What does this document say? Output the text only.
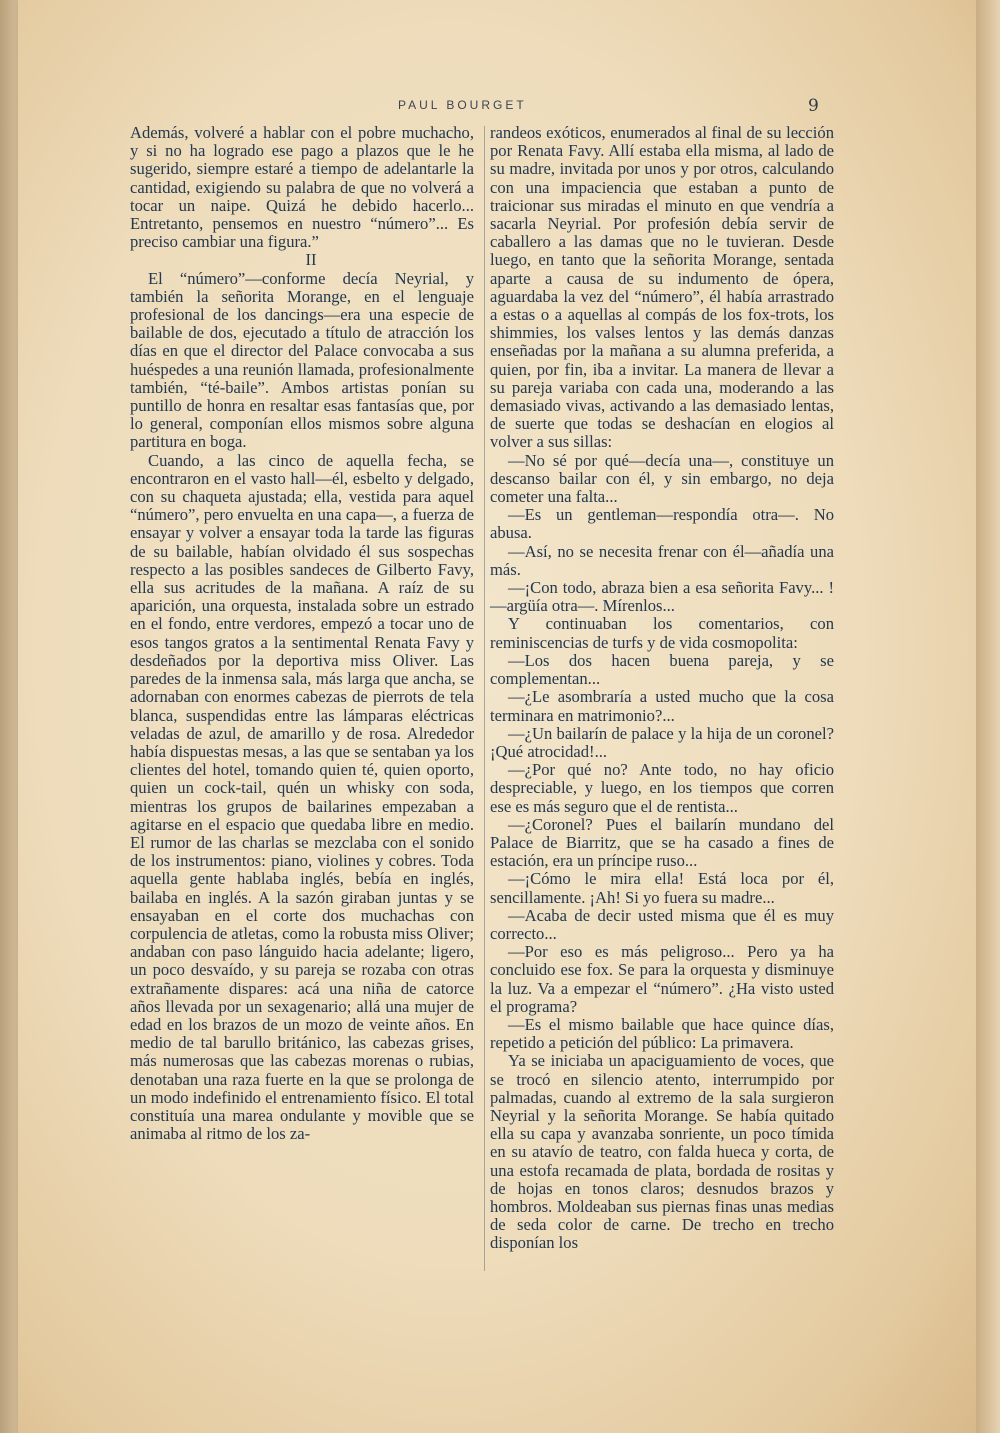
PAUL BOURGET	9

Además, volveré a hablar con el pobre muchacho, y si no ha logrado ese pago a plazos que le he sugerido, siempre estaré a tiempo de adelantarle la cantidad, exigiendo su palabra de que no volverá a tocar un naipe. Quizá he debido hacerlo... Entretanto, pensemos en nuestro “número”... Es preciso cambiar una figura.”

II

El “número”—conforme decía Neyrial, y también la señorita Morange, en el lenguaje profesional de los dancings—era una especie de bailable de dos, ejecutado a título de atracción los días en que el director del Palace convocaba a sus huéspedes a una reunión llamada, profesionalmente también, “té-baile”. Ambos artistas ponían su puntillo de honra en resaltar esas fantasías que, por lo general, componían ellos mismos sobre alguna partitura en boga.

Cuando, a las cinco de aquella fecha, se encontraron en el vasto hall—él, esbelto y delgado, con su chaqueta ajustada; ella, vestida para aquel “número”, pero envuelta en una capa—, a fuerza de ensayar y volver a ensayar toda la tarde las figuras de su bailable, habían olvidado él sus sospechas respecto a las posibles sandeces de Gilberto Favy, ella sus acritudes de la mañana. A raíz de su aparición, una orquesta, instalada sobre un estrado en el fondo, entre verdores, empezó a tocar uno de esos tangos gratos a la sentimental Renata Favy y desdeñados por la deportiva miss Oliver. Las paredes de la inmensa sala, más larga que ancha, se adornaban con enormes cabezas de pierrots de tela blanca, suspendidas entre las lámparas eléctricas veladas de azul, de amarillo y de rosa. Alrededor había dispuestas mesas, a las que se sentaban ya los clientes del hotel, tomando quien té, quien oporto, quien un cock-tail, quén un whisky con soda, mientras los grupos de bailarines empezaban a agitarse en el espacio que quedaba libre en medio. El rumor de las charlas se mezclaba con el sonido de los instrumentos: piano, violines y cobres. Toda aquella gente hablaba inglés, bebía en inglés, bailaba en inglés. A la sazón giraban juntas y se ensayaban en el corte dos muchachas con corpulencia de atletas, como la robusta miss Oliver; andaban con paso lánguido hacia adelante; ligero, un poco desvaído, y su pareja se rozaba con otras extrañamente dispares: acá una niña de catorce años llevada por un sexagenario; allá una mujer de edad en los brazos de un mozo de veinte años. En medio de tal barullo británico, las cabezas grises, más numerosas que las cabezas morenas o rubias, denotaban una raza fuerte en la que se prolonga de un modo indefinido el entrenamiento físico. El total constituía una marea ondulante y movible que se animaba al ritmo de los za-

randeos exóticos, enumerados al final de su lección por Renata Favy. Allí estaba ella misma, al lado de su madre, invitada por unos y por otros, calculando con una impaciencia que estaban a punto de traicionar sus miradas el minuto en que vendría a sacarla Neyrial. Por profesión debía servir de caballero a las damas que no le tuvieran. Desde luego, en tanto que la señorita Morange, sentada aparte a causa de su indumento de ópera, aguardaba la vez del “número”, él había arrastrado a estas o a aquellas al compás de los fox-trots, los shimmies, los valses lentos y las demás danzas enseñadas por la mañana a su alumna preferida, a quien, por fin, iba a invitar. La manera de llevar a su pareja variaba con cada una, moderando a las demasiado vivas, activando a las demasiado lentas, de suerte que todas se deshacían en elogios al volver a sus sillas:

—No sé por qué—decía una—, constituye un descanso bailar con él, y sin embargo, no deja cometer una falta...

—Es un gentleman—respondía otra—. No abusa.

—Así, no se necesita frenar con él—añadía una más.

—¡Con todo, abraza bien a esa señorita Favy... !—argüía otra—. Mírenlos...

Y continuaban los comentarios, con reminiscencias de turfs y de vida cosmopolita:

—Los dos hacen buena pareja, y se complementan...

—¿Le asombraría a usted mucho que la cosa terminara en matrimonio?...

—¿Un bailarín de palace y la hija de un coronel? ¡Qué atrocidad!...

—¿Por qué no? Ante todo, no hay oficio despreciable, y luego, en los tiempos que corren ese es más seguro que el de rentista...

—¿Coronel? Pues el bailarín mundano del Palace de Biarritz, que se ha casado a fines de estación, era un príncipe ruso...

—¡Cómo le mira ella! Está loca por él, sencillamente. ¡Ah! Si yo fuera su madre...

—Acaba de decir usted misma que él es muy correcto...

—Por eso es más peligroso... Pero ya ha concluido ese fox. Se para la orquesta y disminuye la luz. Va a empezar el “número”. ¿Ha visto usted el programa?

—Es el mismo bailable que hace quince días, repetido a petición del público: La primavera.

Ya se iniciaba un apaciguamiento de voces, que se trocó en silencio atento, interrumpido por palmadas, cuando al extremo de la sala surgieron Neyrial y la señorita Morange. Se había quitado ella su capa y avanzaba sonriente, un poco tímida en su atavío de teatro, con falda hueca y corta, de una estofa recamada de plata, bordada de rositas y de hojas en tonos claros; desnudos brazos y hombros. Moldeaban sus piernas finas unas medias de seda color de carne. De trecho en trecho disponían los
